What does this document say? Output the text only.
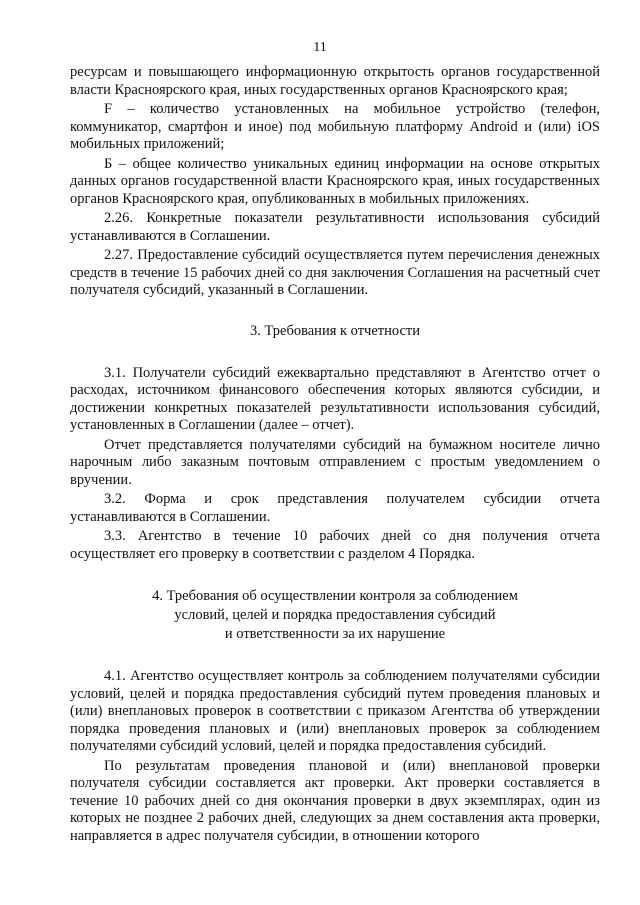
11

ресурсам и повышающего информационную открытость органов государственной власти Красноярского края, иных государственных органов Красноярского края;

F – количество установленных на мобильное устройство (телефон, коммуникатор, смартфон и иное) под мобильную платформу Android и (или) iOS мобильных приложений;

Б – общее количество уникальных единиц информации на основе открытых данных органов государственной власти Красноярского края, иных государственных органов Красноярского края, опубликованных в мобильных приложениях.

2.26. Конкретные показатели результативности использования субсидий устанавливаются в Соглашении.

2.27. Предоставление субсидий осуществляется путем перечисления денежных средств в течение 15 рабочих дней со дня заключения Соглашения на расчетный счет получателя субсидий, указанный в Соглашении.

3. Требования к отчетности

3.1. Получатели субсидий ежеквартально представляют в Агентство отчет о расходах, источником финансового обеспечения которых являются субсидии, и достижении конкретных показателей результативности использования субсидий, установленных в Соглашении (далее – отчет).

Отчет представляется получателями субсидий на бумажном носителе лично нарочным либо заказным почтовым отправлением с простым уведомлением о вручении.

3.2. Форма и срок представления получателем субсидии отчета устанавливаются в Соглашении.

3.3. Агентство в течение 10 рабочих дней со дня получения отчета осуществляет его проверку в соответствии с разделом 4 Порядка.

4. Требования об осуществлении контроля за соблюдением
условий, целей и порядка предоставления субсидий
и ответственности за их нарушение

4.1. Агентство осуществляет контроль за соблюдением получателями субсидии условий, целей и порядка предоставления субсидий путем проведения плановых и (или) внеплановых проверок в соответствии с приказом Агентства об утверждении порядка проведения плановых и (или) внеплановых проверок за соблюдением получателями субсидий условий, целей и порядка предоставления субсидий.

По результатам проведения плановой и (или) внеплановой проверки получателя субсидии составляется акт проверки. Акт проверки составляется в течение 10 рабочих дней со дня окончания проверки в двух экземплярах, один из которых не позднее 2 рабочих дней, следующих за днем составления акта проверки, направляется в адрес получателя субсидии, в отношении которого
